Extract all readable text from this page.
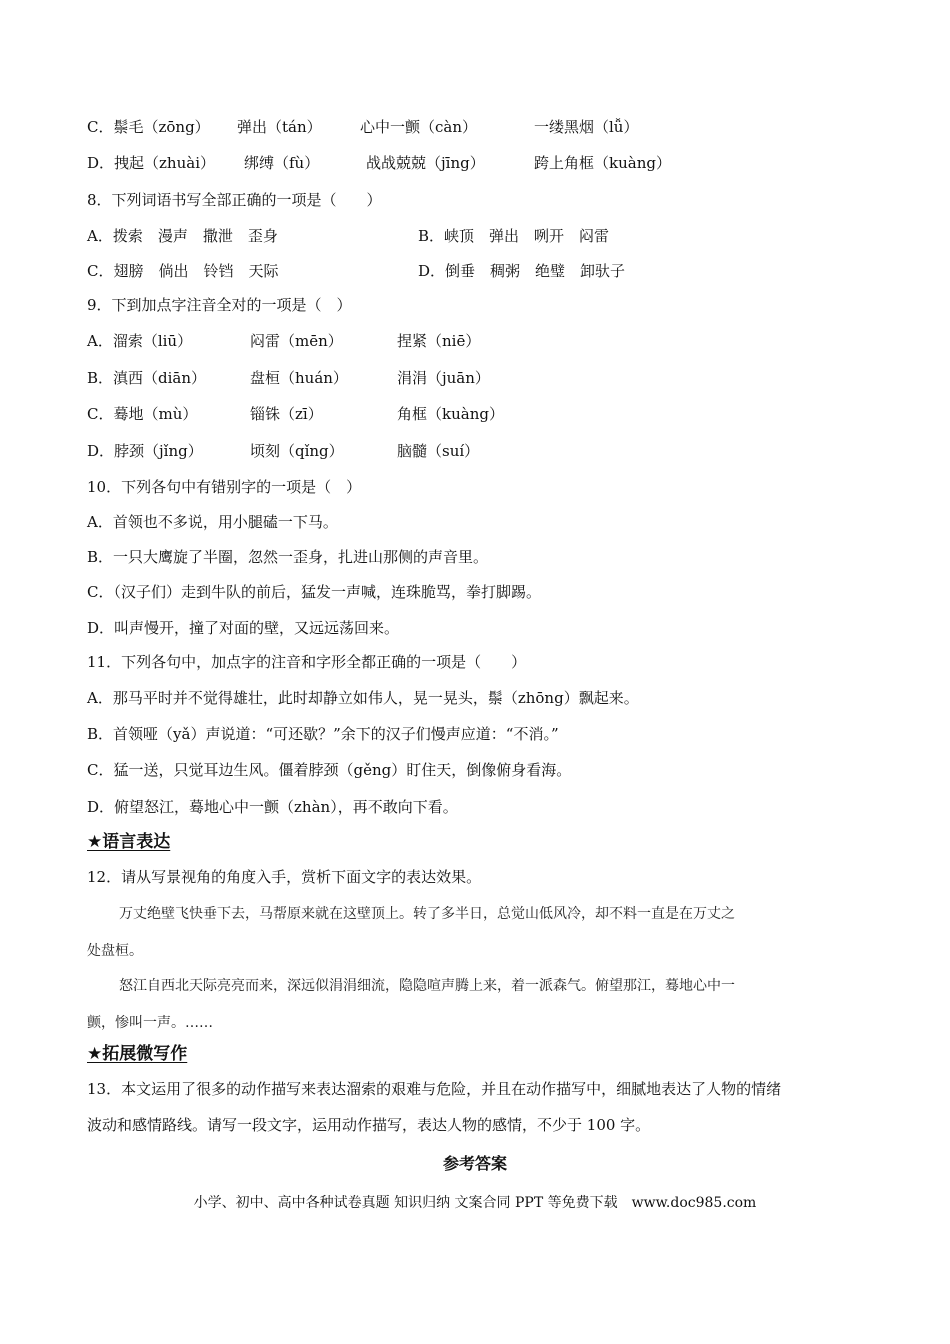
C．鬃毛（zōng） 弹出（tán）	心中一颤（càn）	一缕黑烟（lǚ）
D．拽起（zhuài） 绑缚（fù）	战战兢兢（jīng）	跨上角框（kuàng）
8．下列词语书写全部正确的一项是（　　）
A．拨索　漫声　撒泄　歪身	B．峡顶　弹出　咧开　闷雷
C．翅膀　倘出　铃铛　天际	D．倒垂　稠粥　绝璧　卸驮子
9．下到加点字注音全对的一项是（　）
A．溜索（liū）	闷雷（mēn）	捏紧（niē）
B．滇西（diān）	盘桓（huán）	涓涓（juān）
C．蓦地（mù）	锱铢（zī）	角框（kuàng）
D．脖颈（jǐng）	顷刻（qǐng）	脑髓（suí）
10．下列各句中有错别字的一项是（　）
A．首领也不多说，用小腿磕一下马。
B．一只大鹰旋了半圈，忽然一歪身，扎进山那侧的声音里。
C．（汉子们）走到牛队的前后，猛发一声喊，连珠脆骂，拳打脚踢。
D．叫声慢开，撞了对面的壁，又远远荡回来。
11．下列各句中，加点字的注音和字形全都正确的一项是（　　）
A．那马平时并不觉得雄壮，此时却静立如伟人，晃一晃头，鬃（zhōng）飘起来。
B．首领哑（yǎ）声说道：“可还歇？”余下的汉子们慢声应道：“不消。”
C．猛一送，只觉耳边生风。僵着脖颈（gěng）盯住天，倒像俯身看海。
D．俯望怒江，蓦地心中一颤（zhàn），再不敢向下看。
★语言表达
12．请从写景视角的角度入手，赏析下面文字的表达效果。
万丈绝壁飞快垂下去，马帮原来就在这壁顶上。转了多半日，总觉山低风冷，却不料一直是在万丈之
处盘桓。
怒江自西北天际亮亮而来，深远似涓涓细流，隐隐喧声腾上来，着一派森气。俯望那江，蓦地心中一
颤，惨叫一声。……
★拓展微写作
13．本文运用了很多的动作描写来表达溜索的艰难与危险，并且在动作描写中，细腻地表达了人物的情绪
波动和感情路线。请写一段文字，运用动作描写，表达人物的感情，不少于 100 字。
参考答案
小学、初中、高中各种试卷真题 知识归纳 文案合同 PPT 等免费下载　www.doc985.com
